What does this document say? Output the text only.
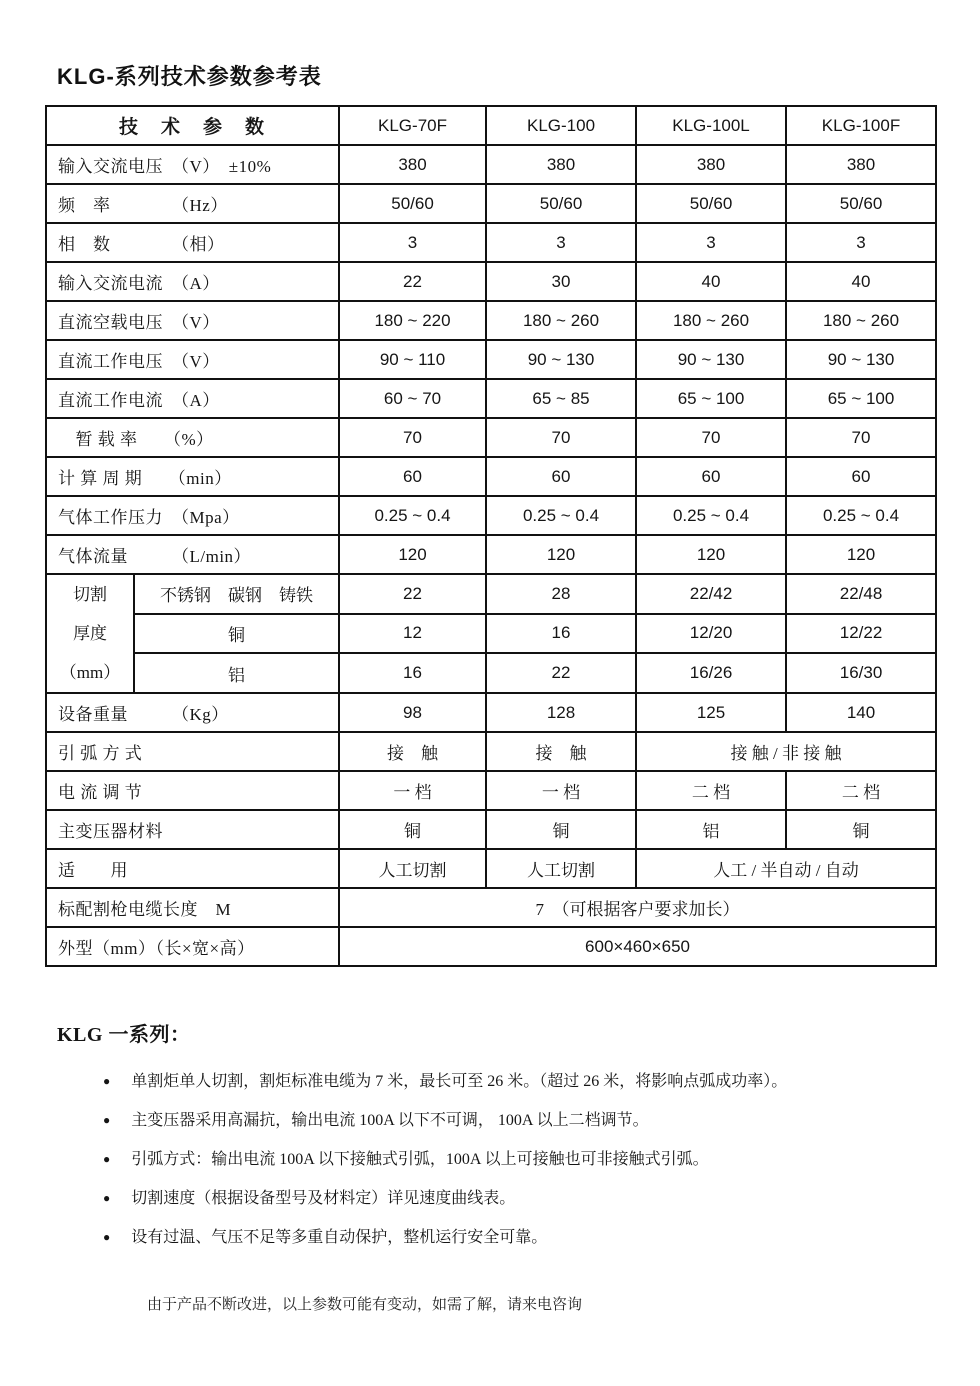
KLG-系列技术参数参考表
技　术　参　数		KLG-70F	KLG-100	KLG-100L	KLG-100F
输入交流电压　（V）　±10%		380	380	380	380
频　率　　　　（Hz）		50/60	50/60	50/60	50/60
相　数　　　　（相）		3	3	3	3
输入交流电流　（A）		22	30	40	40
直流空载电压　（V）		180 ~ 220	180 ~ 260	180 ~ 260	180 ~ 260
直流工作电压　（V）		90 ~ 110	90 ~ 130	90 ~ 130	90 ~ 130
直流工作电流　（A）		60 ~ 70	65 ~ 85	65 ~ 100	65 ~ 100
　暂 载 率　　（%）		70	70	70	70
计 算 周 期　　（min）		60	60	60	60
气体工作压力　（Mpa）		0.25 ~ 0.4	0.25 ~ 0.4	0.25 ~ 0.4	0.25 ~ 0.4
气体流量　　　（L/min）		120	120	120	120

切割
厚度
（mm）	不锈钢　碳钢　铸铁	22	28	22/42	22/48
	铜	12	16	12/20	12/22
	铝	16	22	16/26	16/30
设备重量　　　（Kg）		98	128	125	140
引 弧 方 式		接　触	接　触	接 触 / 非 接 触	
电 流 调 节		一 档	一 档	二 档	二 档
主变压器材料		铜	铜	铝	铜
适　　用		人工切割	人工切割	人工 / 半自动 / 自动	
标配割枪电缆长度　M		7　（可根据客户要求加长）			
外型（mm）（长×宽×高）		600×460×650			
KLG 一系列：
● 单割炬单人切割，割炬标准电缆为 7 米，最长可至 26 米。（超过 26 米，将影响点弧成功率）。
● 主变压器采用高漏抗，输出电流 100A 以下不可调， 100A 以上二档调节。
● 引弧方式：输出电流 100A 以下接触式引弧，100A 以上可接触也可非接触式引弧。
● 切割速度（根据设备型号及材料定）详见速度曲线表。
● 设有过温、气压不足等多重自动保护，整机运行安全可靠。
由于产品不断改进，以上参数可能有变动，如需了解，请来电咨询
